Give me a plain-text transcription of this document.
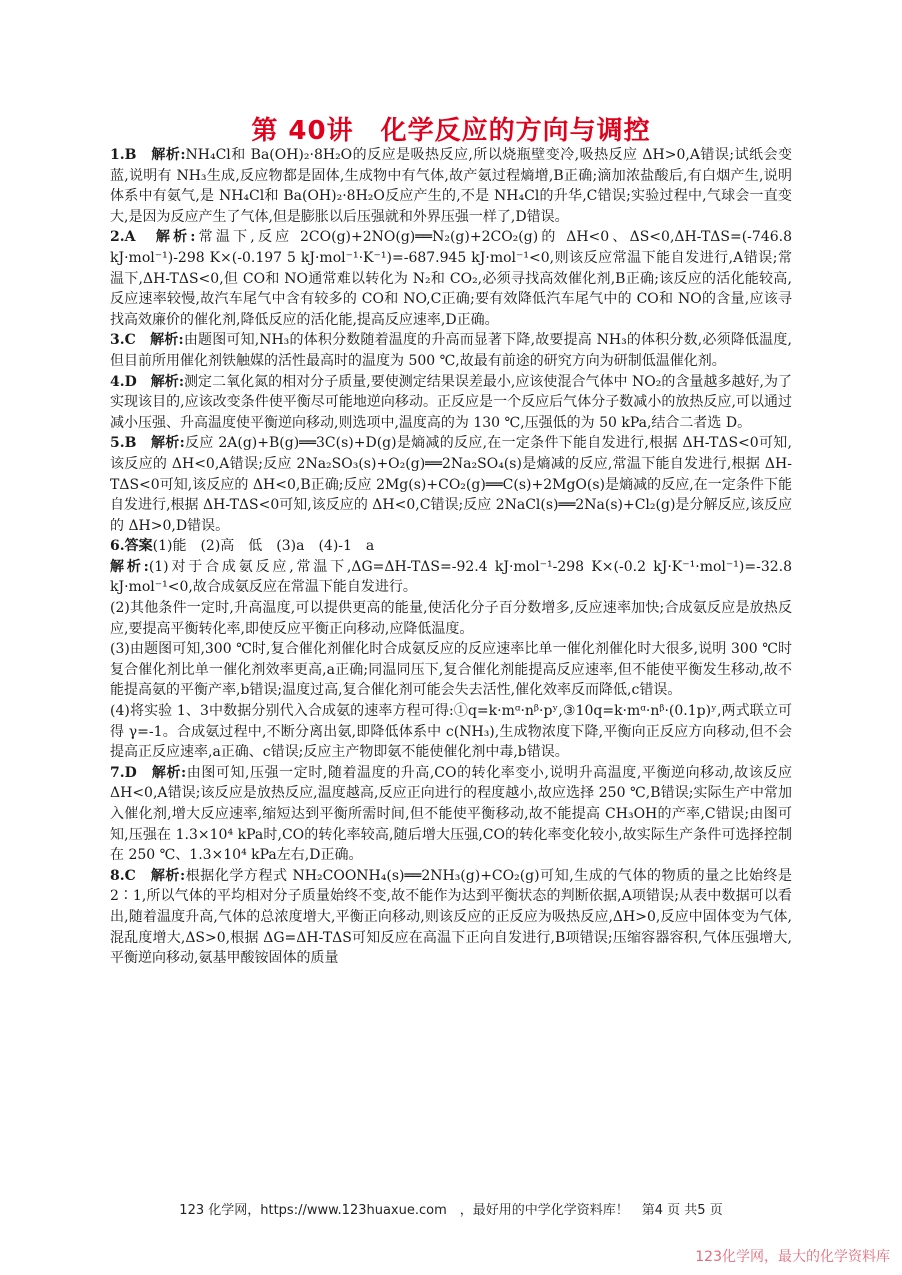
第 40讲　化学反应的方向与调控

1.B　解析:NH₄Cl和 Ba(OH)₂·8H₂O的反应是吸热反应,所以烧瓶壁变冷,吸热反应 ΔH>0,A错误;试纸会变蓝,说明有 NH₃生成,反应物都是固体,生成物中有气体,故产氨过程熵增,B正确;滴加浓盐酸后,有白烟产生,说明体系中有氨气,是 NH₄Cl和 Ba(OH)₂·8H₂O反应产生的,不是 NH₄Cl的升华,C错误;实验过程中,气球会一直变大,是因为反应产生了气体,但是膨胀以后压强就和外界压强一样了,D错误。

2.A　解析:常温下,反应 2CO(g)+2NO(g)══N₂(g)+2CO₂(g)的 ΔH<0、ΔS<0,ΔH-TΔS=(-746.8 kJ·mol⁻¹)-298 K×(-0.197 5 kJ·mol⁻¹·K⁻¹)=-687.945 kJ·mol⁻¹<0,则该反应常温下能自发进行,A错误;常温下,ΔH-TΔS<0,但 CO和 NO通常难以转化为 N₂和 CO₂,必须寻找高效催化剂,B正确;该反应的活化能较高,反应速率较慢,故汽车尾气中含有较多的 CO和 NO,C正确;要有效降低汽车尾气中的 CO和 NO的含量,应该寻找高效廉价的催化剂,降低反应的活化能,提高反应速率,D正确。

3.C　解析:由题图可知,NH₃的体积分数随着温度的升高而显著下降,故要提高 NH₃的体积分数,必须降低温度,但目前所用催化剂铁触媒的活性最高时的温度为 500 ℃,故最有前途的研究方向为研制低温催化剂。

4.D　解析:测定二氧化氮的相对分子质量,要使测定结果误差最小,应该使混合气体中 NO₂的含量越多越好,为了实现该目的,应该改变条件使平衡尽可能地逆向移动。正反应是一个反应后气体分子数减小的放热反应,可以通过减小压强、升高温度使平衡逆向移动,则选项中,温度高的为 130 ℃,压强低的为 50 kPa,结合二者选 D。

5.B　解析:反应 2A(g)+B(g)══3C(s)+D(g)是熵减的反应,在一定条件下能自发进行,根据 ΔH-TΔS<0可知,该反应的 ΔH<0,A错误;反应 2Na₂SO₃(s)+O₂(g)══2Na₂SO₄(s)是熵减的反应,常温下能自发进行,根据 ΔH-TΔS<0可知,该反应的 ΔH<0,B正确;反应 2Mg(s)+CO₂(g)══C(s)+2MgO(s)是熵减的反应,在一定条件下能自发进行,根据 ΔH-TΔS<0可知,该反应的 ΔH<0,C错误;反应 2NaCl(s)══2Na(s)+Cl₂(g)是分解反应,该反应的 ΔH>0,D错误。

6.答案(1)能　(2)高　低　(3)a　(4)-1　a

解析:(1)对于合成氨反应,常温下,ΔG=ΔH-TΔS=-92.4 kJ·mol⁻¹-298 K×(-0.2 kJ·K⁻¹·mol⁻¹)=-32.8 kJ·mol⁻¹<0,故合成氨反应在常温下能自发进行。

(2)其他条件一定时,升高温度,可以提供更高的能量,使活化分子百分数增多,反应速率加快;合成氨反应是放热反应,要提高平衡转化率,即使反应平衡正向移动,应降低温度。

(3)由题图可知,300 ℃时,复合催化剂催化时合成氨反应的反应速率比单一催化剂催化时大很多,说明 300 ℃时复合催化剂比单一催化剂效率更高,a正确;同温同压下,复合催化剂能提高反应速率,但不能使平衡发生移动,故不能提高氨的平衡产率,b错误;温度过高,复合催化剂可能会失去活性,催化效率反而降低,c错误。

(4)将实验 1、3中数据分别代入合成氨的速率方程可得:①q=k·mᵅ·nᵝ·pʸ,③10q=k·mᵅ·nᵝ·(0.1p)ʸ,两式联立可得 γ=-1。合成氨过程中,不断分离出氨,即降低体系中 c(NH₃),生成物浓度下降,平衡向正反应方向移动,但不会提高正反应速率,a正确、c错误;反应主产物即氨不能使催化剂中毒,b错误。

7.D　解析:由图可知,压强一定时,随着温度的升高,CO的转化率变小,说明升高温度,平衡逆向移动,故该反应 ΔH<0,A错误;该反应是放热反应,温度越高,反应正向进行的程度越小,故应选择 250 ℃,B错误;实际生产中常加入催化剂,增大反应速率,缩短达到平衡所需时间,但不能使平衡移动,故不能提高 CH₃OH的产率,C错误;由图可知,压强在 1.3×10⁴ kPa时,CO的转化率较高,随后增大压强,CO的转化率变化较小,故实际生产条件可选择控制在 250 ℃、1.3×10⁴ kPa左右,D正确。

8.C　解析:根据化学方程式 NH₂COONH₄(s)══2NH₃(g)+CO₂(g)可知,生成的气体的物质的量之比始终是 2∶1,所以气体的平均相对分子质量始终不变,故不能作为达到平衡状态的判断依据,A项错误;从表中数据可以看出,随着温度升高,气体的总浓度增大,平衡正向移动,则该反应的正反应为吸热反应,ΔH>0,反应中固体变为气体,混乱度增大,ΔS>0,根据 ΔG=ΔH-TΔS可知反应在高温下正向自发进行,B项错误;压缩容器容积,气体压强增大,平衡逆向移动,氨基甲酸铵固体的质量

123 化学网，https://www.123huaxue.com　，最好用的中学化学资料库！　第4 页 共5 页
123化学网，最大的化学资料库
